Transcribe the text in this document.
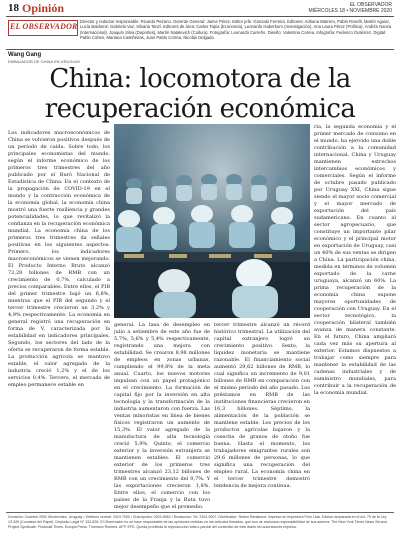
18 Opinión	EL OBSERVADOR
MIÉRCOLES 18 • NOVIEMBRE 2020
EL OBSERVADOR
Director y redactor responsable: Ricardo Peirano. Gerente General: Jaime Pérez. Editor jefe: Gonzalo Ferreira. Editores: Adriana Marrero, Pablo Roselli, Martín Aguiar, Lucía Baldomir, Gabriela Vaz, Silvana Tanzi. Editores de área: Carlos Tapia (Economía), Leonardo Haberkorn (Investigación), Ana Laura Pérez (Política), Andrés Danza (Internacional), Joaquín Silva (Deportes), Martín Natalevich (Cultura). Fotografía: Leonardo Carreño. Diseño: Valentina Correa. Infografía: Federico Gutiérrez. Digital: Pablo Cohen, Mariana Castiñeiras, Juan Pablo Correa, Nicolás Delgado.
Wang Gang
EMBAJADOR DE CHINA EN URUGUAY
China: locomotora de la recuperación económica
Los indicadores macroeconómicos de China se volvieron positivos después de un período de caída. Sobre todo, los principales economistas del mundo, según el informe económico de los primeros tres trimestres del año publicado por el Buró Nacional de Estadística de China. En el contexto de la propagación de COVID-19 en el mundo y la contracción económica de la economía global, la economía china mostró una fuerte resiliencia y grandes potencialidades, lo que revitalizó la confianza en la recuperación económica mundial. La economía china de los primeros tres trimestres da señales positivas en los siguientes aspectos: Primero, los indicadores macroeconómicos se vienen mejorando. El Producto Interno Bruto alcanzó 72,28 billones de RMB con un crecimiento de 0,7%, calculado a precios comparables. Entre ellos, el PIB del primer trimestre bajó un 6,8%, mientras que el PIB del segundo y el tercer trimestre crecieron un 3,2% y 4,9% respectivamente. La economía en general registró una recuperación en forma de V, caracterizada por la estabilidad en indicadores principales. Segundo, los sectores del lado de la oferta se recuperaron de forma estable. La producción agrícola se mantuvo estable, el valor agregado de la industria creció 1,2% y el de los servicios 0,4%. Tercero, el mercado de empleo permanece estable en
general. La tasa de desempleo en julio a setiembre de este año fue de 5,7%, 5,6% y 5,4% respectivamente, registrando una mejora con estabilidad. Se crearon 8,98 millones de empleos en zonas urbanas, cumpliendo el 99,8% de la meta anual. Cuarto, los nuevos motores impulsan con un papel protagónico en el crecimiento. La formación de capital fijo por la inversión en alta tecnología y la transformación de la industria aumentaron con fuerza. Las ventas minoristas en línea de bienes físicos registraron un aumento de 15,3%. El valor agregado de la manufactura de alta tecnología creció 5,9%. Quinto, el comercio exterior y la inversión extranjera se mantienen estables. El comercio exterior de los primeros tres trimestres alcanzó 23,12 billones de RMB con un crecimiento del 0,7%. Y las exportaciones crecieron 1,8%. Entre ellos, el comercio con los países de la Franja y la Ruta tuvo mejor desempeño que el promedio.
tercer trimestre alcanzó un récord histórico trimestral. La utilización del capital extranjero logró un crecimiento positivo. Sexto, la liquidez monetaria se mantiene razonable. El financiamiento social aumentó 29,62 billones de RMB, lo cual significa un incremento de 9,01 billones de RMB en comparación con el mismo período del año pasado. Los préstamos en RMB de las instituciones financieras crecieron en 16,3 billones. Séptimo, la alimentación de la población se mantiene estable. Los precios de los productos agrícolas bajaron y la cosecha de granos de otoño fue buena. Hasta el momento, los trabajadores emigrantes rurales son 29,6 millones de personas, lo que significa una recuperación del empleo rural. La economía china en el tercer trimestre demostró tendencia de mejora continua.
ria, la segunda economía y el primer mercado de consumo en el mundo, ha ejercido una doble contribución a la comunidad internacional. China y Uruguay mantienen estrechos intercambios económicos y comerciales. Según el informe de octubre pasado publicado por Uruguay XXI, China sigue siendo el mayor socio comercial y el mayor mercado de exportación del país sudamericano. En cuanto al sector agropecuario, que constituye un importante pilar económico y el principal motor en exportación de Uruguay, casi un 40% de sus ventas se dirigen a China. La participación china, medida en términos de volumen exportado de la carne uruguaya, alcanzó un 60%. La prima recuperación de la economía china supone mayores oportunidades de cooperación con Uruguay. En el sector tecnológico, la cooperación bilateral también avanza de manera constante. En el futuro, China ampliará cada vez más su apertura al exterior. Estamos dispuestos a trabajar como siempre para mantener la estabilidad de las cadenas industriales y de suministro mundiales, para contribuir a la recuperación de la economía mundial.
Domicilio: Cuareim 2052 Montevideo, Uruguay • Teléfono central: 2924 7000 • Suscripción: 2924 8962 • Redacción: Tel. 2924 0007. Distribuidor: Ruben Bentancor. Impreso en Impresora Polo Ltda. Edición amparada en el Art. 79 de la Ley 13.349 (Comisión del Papel). Depósito Legal N° 331.828. El Observador no se hace responsable de las opiniones vertidas en los artículos firmados, que son de exclusiva responsabilidad de sus autores. The New York Times News Service. Project Syndicate. Financial Times. Europa Press. Thomson Reuters. AFP, EFE. Queda prohibida la reproducción total o parcial del contenido de este diario sin autorización expresa.
